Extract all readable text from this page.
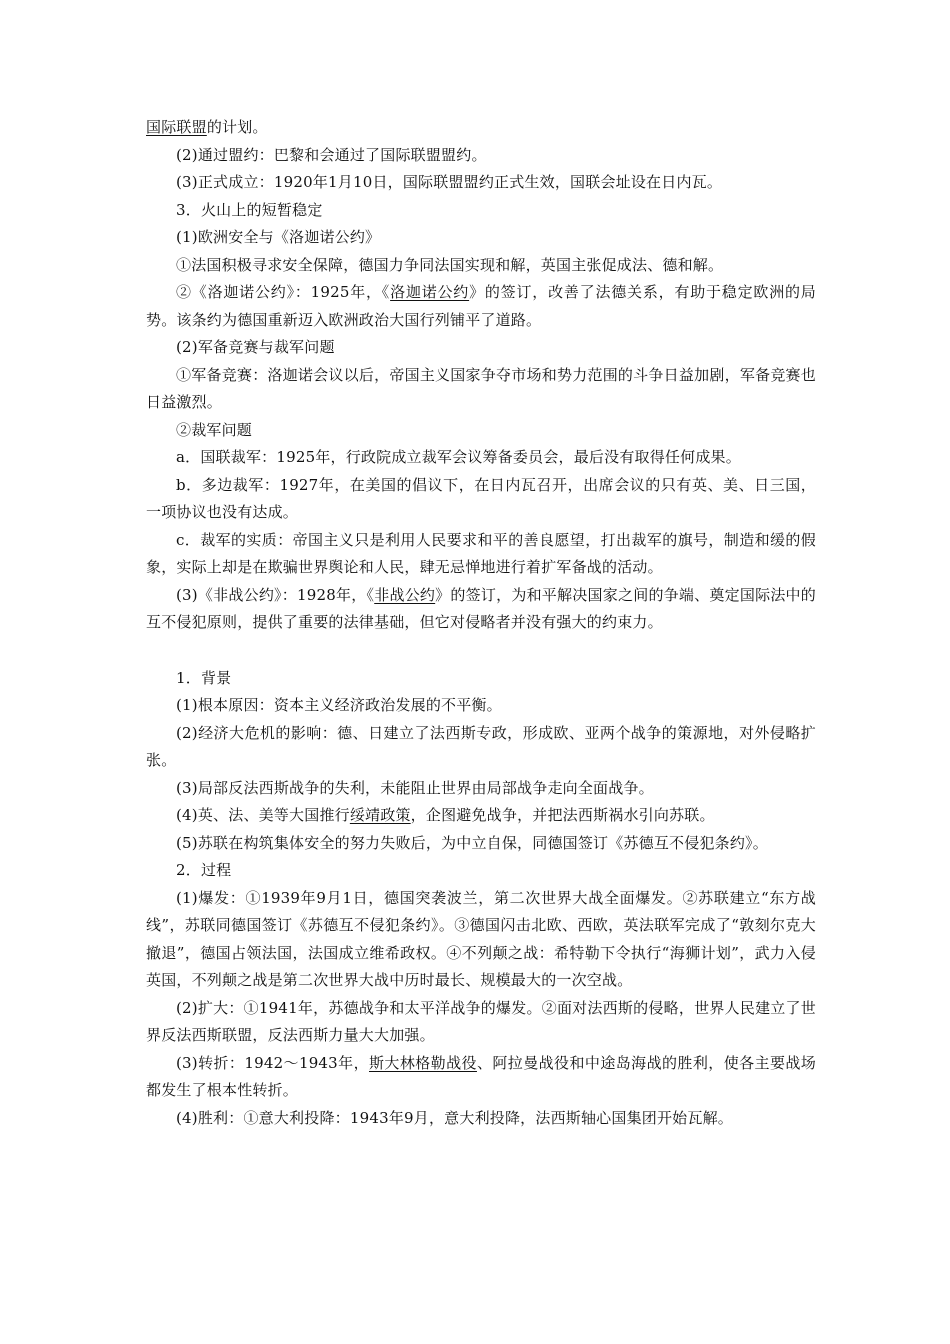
国际联盟的计划。

(2)通过盟约：巴黎和会通过了国际联盟盟约。

(3)正式成立：1920年1月10日，国际联盟盟约正式生效，国联会址设在日内瓦。

3．火山上的短暂稳定

(1)欧洲安全与《洛迦诺公约》

①法国积极寻求安全保障，德国力争同法国实现和解，英国主张促成法、德和解。

②《洛迦诺公约》：1925年，《洛迦诺公约》的签订，改善了法德关系，有助于稳定欧洲的局势。该条约为德国重新迈入欧洲政治大国行列铺平了道路。

(2)军备竞赛与裁军问题

①军备竞赛：洛迦诺会议以后，帝国主义国家争夺市场和势力范围的斗争日益加剧，军备竞赛也日益激烈。

②裁军问题

a．国联裁军：1925年，行政院成立裁军会议筹备委员会，最后没有取得任何成果。

b．多边裁军：1927年，在美国的倡议下，在日内瓦召开，出席会议的只有英、美、日三国，一项协议也没有达成。

c．裁军的实质：帝国主义只是利用人民要求和平的善良愿望，打出裁军的旗号，制造和缓的假象，实际上却是在欺骗世界舆论和人民，肆无忌惮地进行着扩军备战的活动。

(3)《非战公约》：1928年，《非战公约》的签订，为和平解决国家之间的争端、奠定国际法中的互不侵犯原则，提供了重要的法律基础，但它对侵略者并没有强大的约束力。

1．背景

(1)根本原因：资本主义经济政治发展的不平衡。

(2)经济大危机的影响：德、日建立了法西斯专政，形成欧、亚两个战争的策源地，对外侵略扩张。

(3)局部反法西斯战争的失利，未能阻止世界由局部战争走向全面战争。

(4)英、法、美等大国推行绥靖政策，企图避免战争，并把法西斯祸水引向苏联。

(5)苏联在构筑集体安全的努力失败后，为中立自保，同德国签订《苏德互不侵犯条约》。

2．过程

(1)爆发：①1939年9月1日，德国突袭波兰，第二次世界大战全面爆发。②苏联建立“东方战线”，苏联同德国签订《苏德互不侵犯条约》。③德国闪击北欧、西欧，英法联军完成了“敦刻尔克大撤退”，德国占领法国，法国成立维希政权。④不列颠之战：希特勒下令执行“海狮计划”，武力入侵英国，不列颠之战是第二次世界大战中历时最长、规模最大的一次空战。

(2)扩大：①1941年，苏德战争和太平洋战争的爆发。②面对法西斯的侵略，世界人民建立了世界反法西斯联盟，反法西斯力量大大加强。

(3)转折：1942～1943年，斯大林格勒战役、阿拉曼战役和中途岛海战的胜利，使各主要战场都发生了根本性转折。

(4)胜利：①意大利投降：1943年9月，意大利投降，法西斯轴心国集团开始瓦解。
